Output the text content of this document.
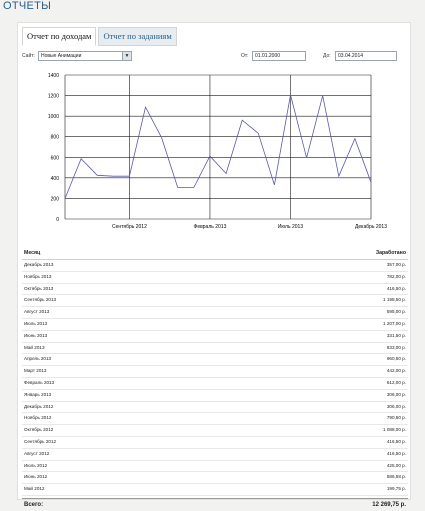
ОТЧЕТЫ
Отчет по доходам	Отчет по заданиям
Сайт:	Новые Анимации	▼	От:	01.01.2000	До:	03.04.2014
0
200
400
600
800
1000
1200
1400
Сентябрь 2012	Февраль 2013	Июль 2013	Декабрь 2013
Месяц	Заработано
Декабрь 2013	357,00 р.
Ноябрь 2013	782,00 р.
Октябрь 2013	416,50 р.
Сентябрь 2013	1 198,50 р.
Август 2013	595,00 р.
Июль 2013	1 207,00 р.
Июнь 2013	331,50 р.
Май 2013	833,00 р.
Апрель 2013	960,50 р.
Март 2013	442,00 р.
Февраль 2013	612,00 р.
Январь 2013	306,00 р.
Декабрь 2012	306,00 р.
Ноябрь 2012	790,50 р.
Октябрь 2012	1 088,00 р.
Сентябрь 2012	416,50 р.
Август 2012	416,50 р.
Июль 2012	425,00 р.
Июнь 2012	586,58 р.
Май 2012	199,75 р.
Всего:	12 269,75 р.
